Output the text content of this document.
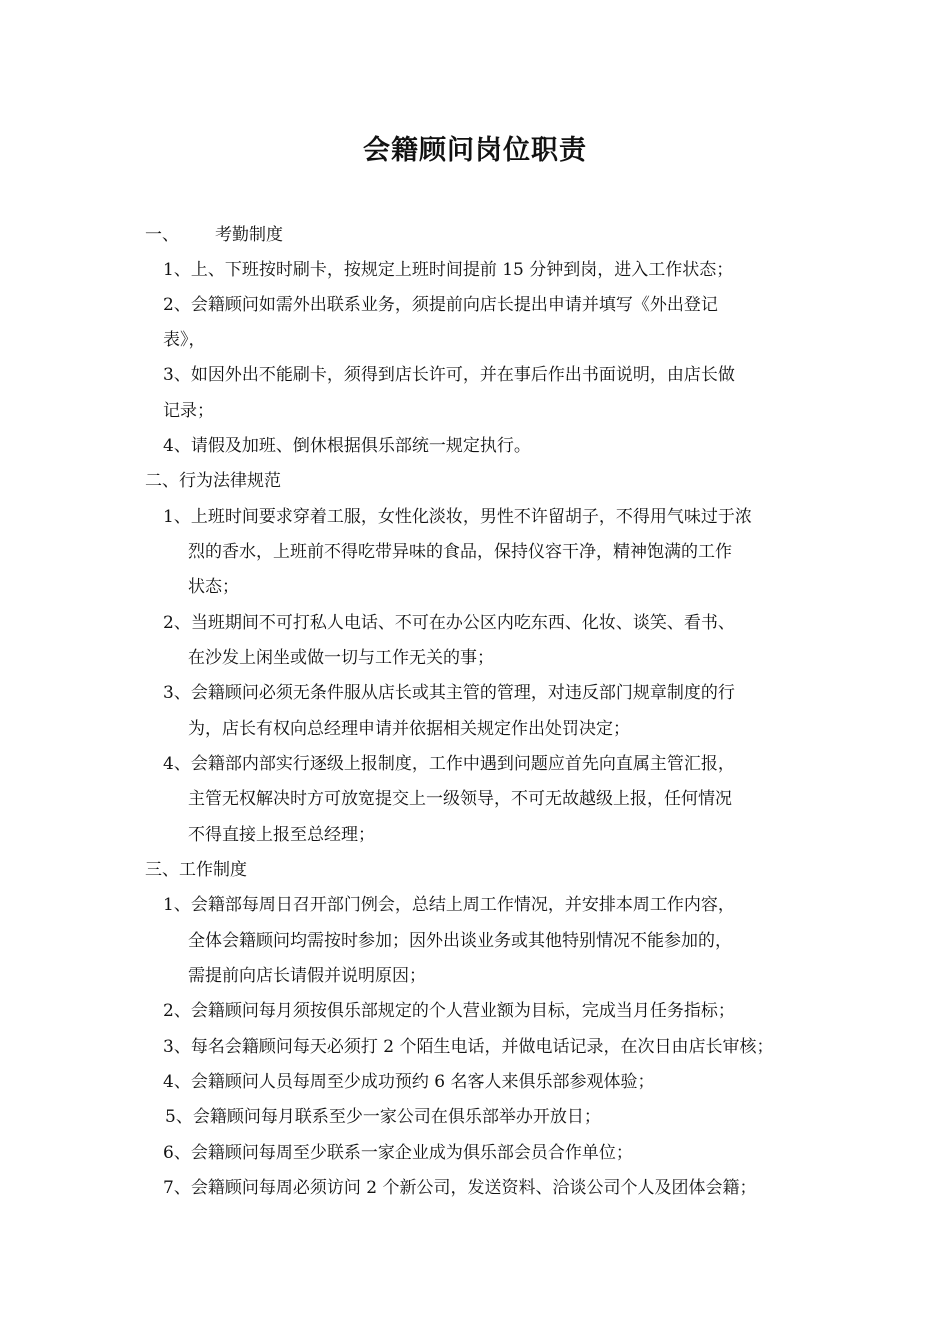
会籍顾问岗位职责
一、 考勤制度
1、上、下班按时刷卡，按规定上班时间提前 15 分钟到岗，进入工作状态；
2、会籍顾问如需外出联系业务，须提前向店长提出申请并填写《外出登记
表》，
3、如因外出不能刷卡，须得到店长许可，并在事后作出书面说明，由店长做
记录；
4、请假及加班、倒休根据俱乐部统一规定执行。
二、行为法律规范
1、上班时间要求穿着工服，女性化淡妆，男性不许留胡子，不得用气味过于浓
烈的香水，上班前不得吃带异味的食品，保持仪容干净，精神饱满的工作
状态；
2、当班期间不可打私人电话、不可在办公区内吃东西、化妆、谈笑、看书、
在沙发上闲坐或做一切与工作无关的事；
3、会籍顾问必须无条件服从店长或其主管的管理，对违反部门规章制度的行
为，店长有权向总经理申请并依据相关规定作出处罚决定；
4、会籍部内部实行逐级上报制度，工作中遇到问题应首先向直属主管汇报，
主管无权解决时方可放宽提交上一级领导，不可无故越级上报，任何情况
不得直接上报至总经理；
三、工作制度
1、会籍部每周日召开部门例会，总结上周工作情况，并安排本周工作内容，
全体会籍顾问均需按时参加；因外出谈业务或其他特别情况不能参加的，
需提前向店长请假并说明原因；
2、会籍顾问每月须按俱乐部规定的个人营业额为目标，完成当月任务指标；
3、每名会籍顾问每天必须打 2 个陌生电话，并做电话记录，在次日由店长审核；
4、会籍顾问人员每周至少成功预约 6 名客人来俱乐部参观体验；
5、会籍顾问每月联系至少一家公司在俱乐部举办开放日；
6、会籍顾问每周至少联系一家企业成为俱乐部会员合作单位；
7、会籍顾问每周必须访问 2 个新公司，发送资料、洽谈公司个人及团体会籍；
